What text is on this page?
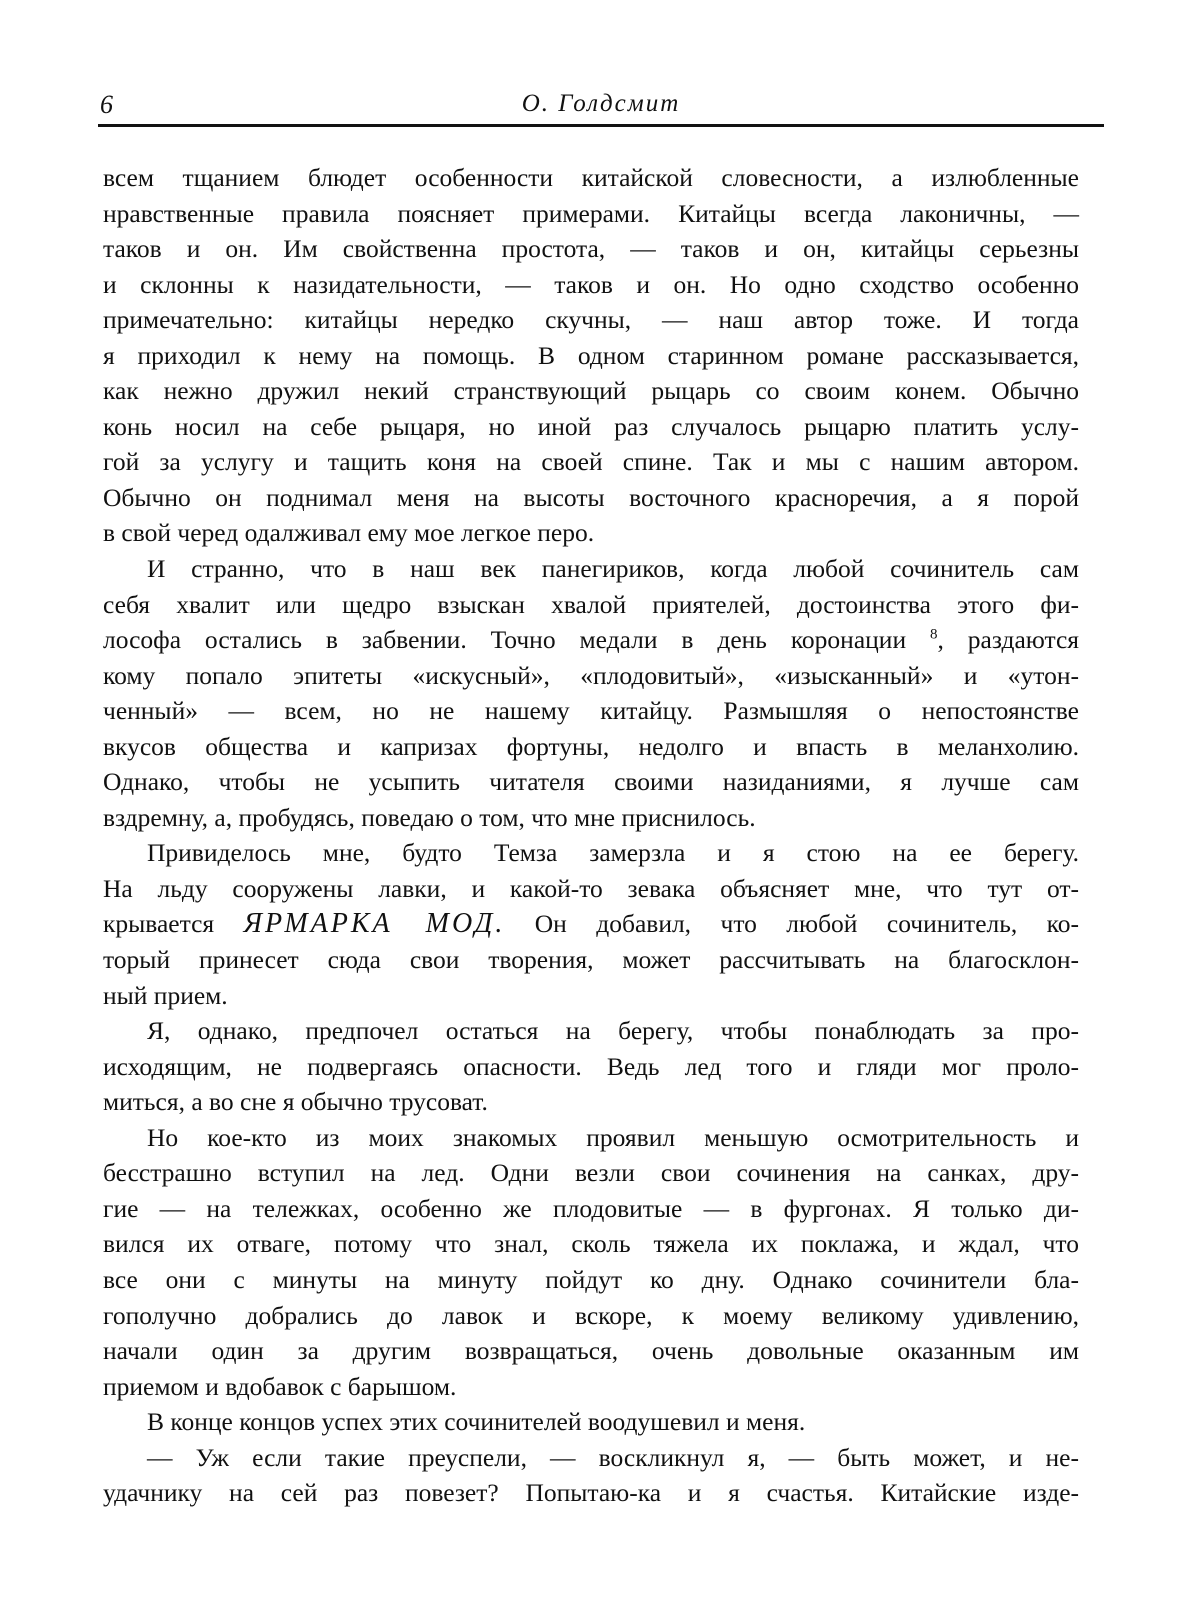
6	О. Голдсмит
всем тщанием блюдет особенности китайской словесности, а излюбленные
нравственные правила поясняет примерами. Китайцы всегда лаконичны, —
таков и он. Им свойственна простота, — таков и он, китайцы серьезны
и склонны к назидательности, — таков и он. Но одно сходство особенно
примечательно: китайцы нередко скучны, — наш автор тоже. И тогда
я приходил к нему на помощь. В одном старинном романе рассказывается,
как нежно дружил некий странствующий рыцарь со своим конем. Обычно
конь носил на себе рыцаря, но иной раз случалось рыцарю платить услу-
гой за услугу и тащить коня на своей спине. Так и мы с нашим автором.
Обычно он поднимал меня на высоты восточного красноречия, а я порой
в свой черед одалживал ему мое легкое перо.
И странно, что в наш век панегириков, когда любой сочинитель сам
себя хвалит или щедро взыскан хвалой приятелей, достоинства этого фи-
лософа остались в забвении. Точно медали в день коронации $^8$, раздаются
кому попало эпитеты «искусный», «плодовитый», «изысканный» и «утон-
ченный» — всем, но не нашему китайцу. Размышляя о непостоянстве
вкусов общества и капризах фортуны, недолго и впасть в меланхолию.
Однако, чтобы не усыпить читателя своими назиданиями, я лучше сам
вздремну, а, пробудясь, поведаю о том, что мне приснилось.
Привиделось мне, будто Темза замерзла и я стою на ее берегу.
На льду сооружены лавки, и какой-то зевака объясняет мне, что тут от-
крывается ЯРМАРКА МОД. Он добавил, что любой сочинитель, ко-
торый принесет сюда свои творения, может рассчитывать на благосклон-
ный прием.
Я, однако, предпочел остаться на берегу, чтобы понаблюдать за про-
исходящим, не подвергаясь опасности. Ведь лед того и гляди мог проло-
миться, а во сне я обычно трусоват.
Но кое-кто из моих знакомых проявил меньшую осмотрительность и
бесстрашно вступил на лед. Одни везли свои сочинения на санках, дру-
гие — на тележках, особенно же плодовитые — в фургонах. Я только ди-
вился их отваге, потому что знал, сколь тяжела их поклажа, и ждал, что
все они с минуты на минуту пойдут ко дну. Однако сочинители бла-
гополучно добрались до лавок и вскоре, к моему великому удивлению,
начали один за другим возвращаться, очень довольные оказанным им
приемом и вдобавок с барышом.
В конце концов успех этих сочинителей воодушевил и меня.
— Уж если такие преуспели, — воскликнул я, — быть может, и не-
удачнику на сей раз повезет? Попытаю-ка и я счастья. Китайские изде-
